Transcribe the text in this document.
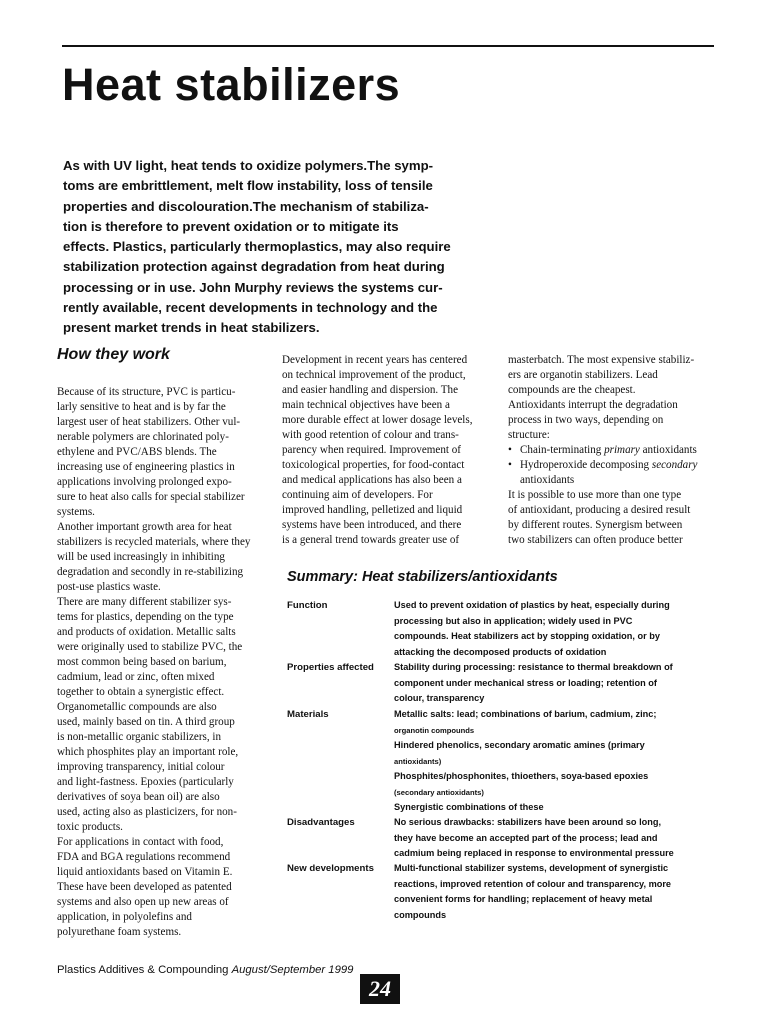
Heat stabilizers
As with UV light, heat tends to oxidize polymers.The symp-
toms are embrittlement, melt flow instability, loss of tensile
properties and discolouration.The mechanism of stabiliza-
tion is therefore to prevent oxidation or to mitigate its
effects. Plastics, particularly thermoplastics, may also require
stabilization protection against degradation from heat during
processing or in use. John Murphy reviews the systems cur-
rently available, recent developments in technology and the
present market trends in heat stabilizers.
How they work
Because of its structure, PVC is particu-
larly sensitive to heat and is by far the
largest user of heat stabilizers. Other vul-
nerable polymers are chlorinated poly-
ethylene and PVC/ABS blends. The
increasing use of engineering plastics in
applications involving prolonged expo-
sure to heat also calls for special stabilizer
systems.
Another important growth area for heat
stabilizers is recycled materials, where they
will be used increasingly in inhibiting
degradation and secondly in re-stabilizing
post-use plastics waste.
There are many different stabilizer sys-
tems for plastics, depending on the type
and products of oxidation. Metallic salts
were originally used to stabilize PVC, the
most common being based on barium,
cadmium, lead or zinc, often mixed
together to obtain a synergistic effect.
Organometallic compounds are also
used, mainly based on tin. A third group
is non-metallic organic stabilizers, in
which phosphites play an important role,
improving transparency, initial colour
and light-fastness. Epoxies (particularly
derivatives of soya bean oil) are also
used, acting also as plasticizers, for non-
toxic products.
For applications in contact with food,
FDA and BGA regulations recommend
liquid antioxidants based on Vitamin E.
These have been developed as patented
systems and also open up new areas of
application, in polyolefins and
polyurethane foam systems.
Development in recent years has centered
on technical improvement of the product,
and easier handling and dispersion. The
main technical objectives have been a
more durable effect at lower dosage levels,
with good retention of colour and trans-
parency when required. Improvement of
toxicological properties, for food-contact
and medical applications has also been a
continuing aim of developers. For
improved handling, pelletized and liquid
systems have been introduced, and there
is a general trend towards greater use of
masterbatch. The most expensive stabiliz-
ers are organotin stabilizers. Lead
compounds are the cheapest.
Antioxidants interrupt the degradation
process in two ways, depending on
structure:
• Chain-terminating primary antioxidants
• Hydroperoxide decomposing secondary
antioxidants
It is possible to use more than one type
of antioxidant, producing a desired result
by different routes. Synergism between
two stabilizers can often produce better
Summary: Heat stabilizers/antioxidants
Function	Used to prevent oxidation of plastics by heat, especially during
processing but also in application; widely used in PVC
compounds. Heat stabilizers act by stopping oxidation, or by
attacking the decomposed products of oxidation
Properties affected	Stability during processing: resistance to thermal breakdown of
component under mechanical stress or loading; retention of
colour, transparency
Materials	Metallic salts: lead; combinations of barium, cadmium, zinc;
organotin compounds
Hindered phenolics, secondary aromatic amines (primary
antioxidants)
Phosphites/phosphonites, thioethers, soya-based epoxies
(secondary antioxidants)
Synergistic combinations of these
Disadvantages	No serious drawbacks: stabilizers have been around so long,
they have become an accepted part of the process; lead and
cadmium being replaced in response to environmental pressure
New developments	Multi-functional stabilizer systems, development of synergistic
reactions, improved retention of colour and transparency, more
convenient forms for handling; replacement of heavy metal
compounds
Plastics Additives & Compounding August/September 1999
24
